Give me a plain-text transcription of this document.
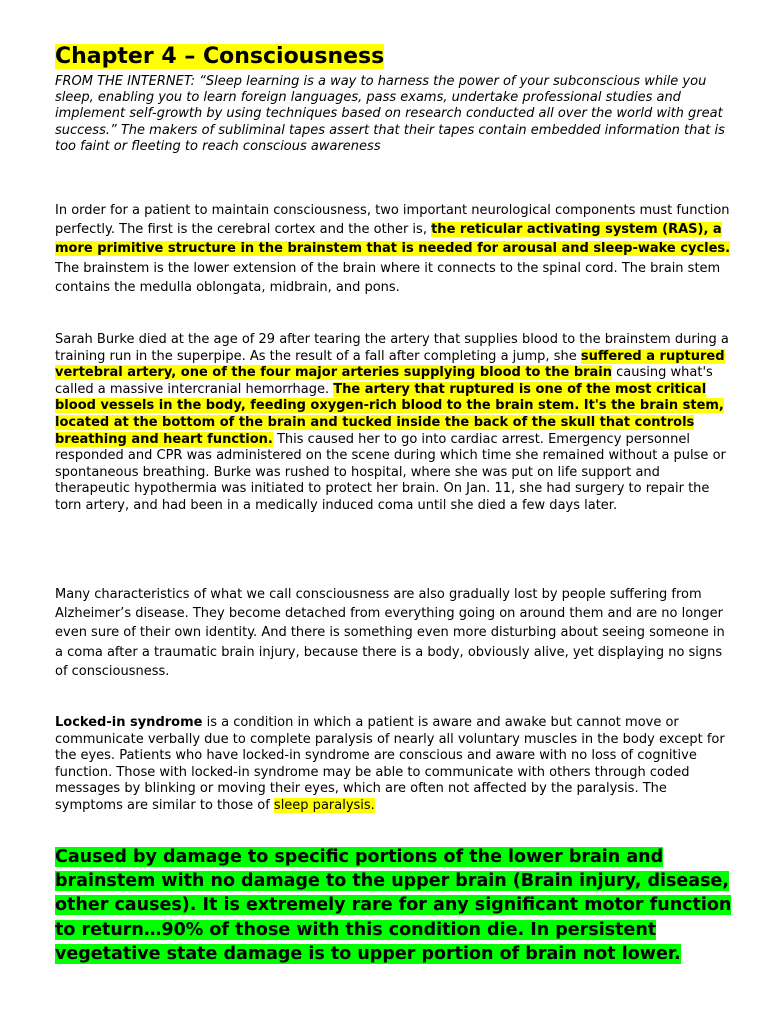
Chapter 4 – Consciousness

FROM THE INTERNET: “Sleep learning is a way to harness the power of your subconscious while you sleep, enabling you to learn foreign languages, pass exams, undertake professional studies and implement self-growth by using techniques based on research conducted all over the world with great success.” The makers of subliminal tapes assert that their tapes contain embedded information that is too faint or fleeting to reach conscious awareness

In order for a patient to maintain consciousness, two important neurological components must function perfectly. The first is the cerebral cortex and the other is, the reticular activating system (RAS), a more primitive structure in the brainstem that is needed for arousal and sleep-wake cycles. The brainstem is the lower extension of the brain where it connects to the spinal cord. The brain stem contains the medulla oblongata, midbrain, and pons.

Sarah Burke died at the age of 29 after tearing the artery that supplies blood to the brainstem during a training run in the superpipe. As the result of a fall after completing a jump, she suffered a ruptured vertebral artery, one of the four major arteries supplying blood to the brain causing what's called a massive intercranial hemorrhage. The artery that ruptured is one of the most critical blood vessels in the body, feeding oxygen-rich blood to the brain stem. It's the brain stem, located at the bottom of the brain and tucked inside the back of the skull that controls breathing and heart function. This caused her to go into cardiac arrest. Emergency personnel responded and CPR was administered on the scene during which time she remained without a pulse or spontaneous breathing. Burke was rushed to hospital, where she was put on life support and therapeutic hypothermia was initiated to protect her brain. On Jan. 11, she had surgery to repair the torn artery, and had been in a medically induced coma until she died a few days later.

Many characteristics of what we call consciousness are also gradually lost by people suffering from Alzheimer’s disease. They become detached from everything going on around them and are no longer even sure of their own identity. And there is something even more disturbing about seeing someone in a coma after a traumatic brain injury, because there is a body, obviously alive, yet displaying no signs of consciousness.

Locked-in syndrome is a condition in which a patient is aware and awake but cannot move or communicate verbally due to complete paralysis of nearly all voluntary muscles in the body except for the eyes. Patients who have locked-in syndrome are conscious and aware with no loss of cognitive function. Those with locked-in syndrome may be able to communicate with others through coded messages by blinking or moving their eyes, which are often not affected by the paralysis. The symptoms are similar to those of sleep paralysis.

Caused by damage to specific portions of the lower brain and brainstem with no damage to the upper brain (Brain injury, disease, other causes). It is extremely rare for any significant motor function to return…90% of those with this condition die. In persistent vegetative state damage is to upper portion of brain not lower.
